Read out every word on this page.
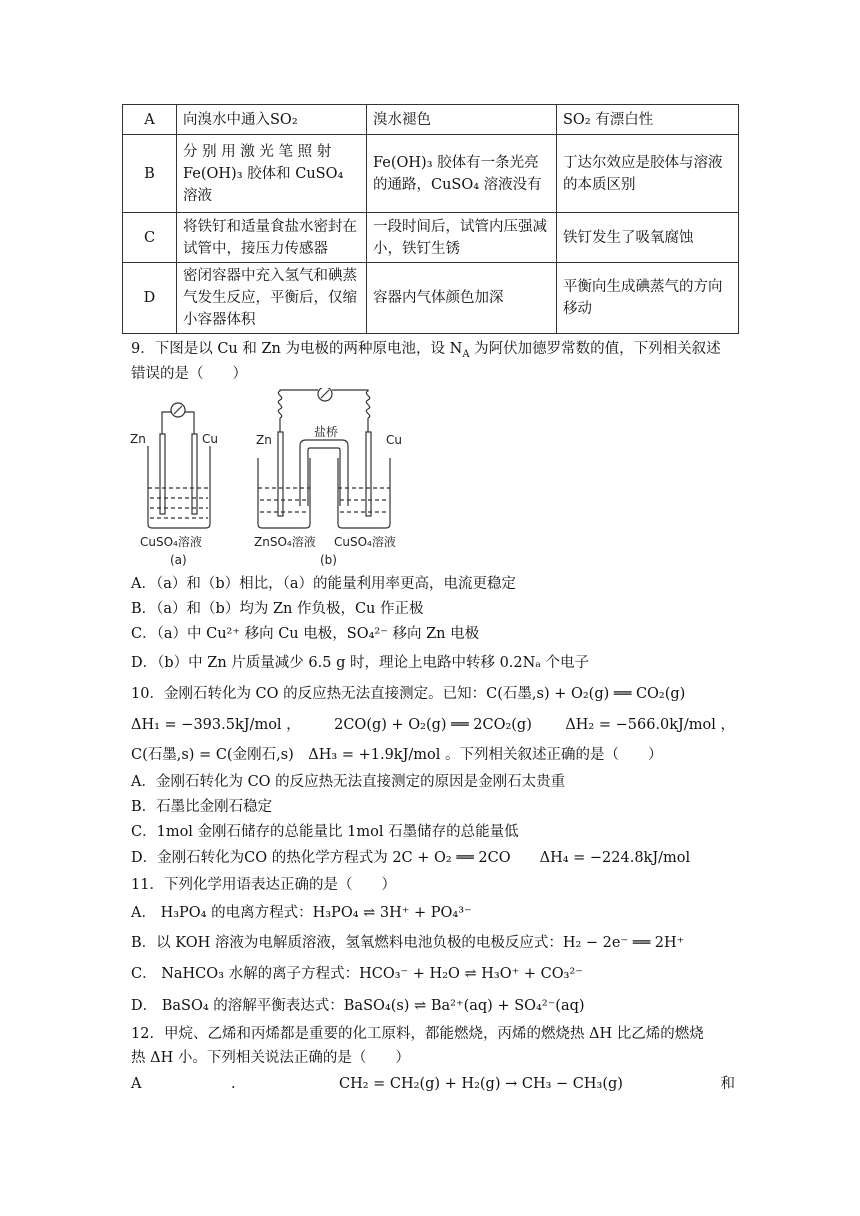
A	向溴水中通入SO₂	溴水褪色	SO₂ 有漂白性
B	分 别 用 激 光 笔 照 射 Fe(OH)₃ 胶体和 CuSO₄ 溶液	Fe(OH)₃ 胶体有一条光亮的通路，CuSO₄ 溶液没有	丁达尔效应是胶体与溶液的本质区别
C	将铁钉和适量食盐水密封在试管中，接压力传感器	一段时间后，试管内压强减小，铁钉生锈	铁钉发生了吸氧腐蚀
D	密闭容器中充入氢气和碘蒸气发生反应，平衡后，仅缩小容器体积	容器内气体颜色加深	平衡向生成碘蒸气的方向移动
9．下图是以 Cu 和 Zn 为电极的两种原电池，设 $N_A$ 为阿伏加德罗常数的值，下列相关叙述
错误的是（　　）
Zn	Cu
CuSO₄溶液
(a)
Zn	Cu
盐桥
ZnSO₄溶液 CuSO₄溶液
(b)
A．（a）和（b）相比，（a）的能量利用率更高，电流更稳定
B．（a）和（b）均为 Zn 作负极，Cu 作正极
C．（a）中 Cu²⁺ 移向 Cu 电极，SO₄²⁻ 移向 Zn 电极
D．（b）中 Zn 片质量减少 6.5 g 时，理论上电路中转移 0.2Nₐ 个电子
10．金刚石转化为 CO 的反应热无法直接测定。已知：C(石墨,s) + O₂(g) ══ CO₂(g)
ΔH₁ = −393.5kJ/mol ， 2CO(g) + O₂(g) ══ 2CO₂(g) ΔH₂ = −566.0kJ/mol ，
C(石墨,s) = C(金刚石,s)　ΔH₃ = +1.9kJ/mol 。下列相关叙述正确的是（　　）
A．金刚石转化为 CO 的反应热无法直接测定的原因是金刚石太贵重
B．石墨比金刚石稳定
C．1mol 金刚石储存的总能量比 1mol 石墨储存的总能量低
D．金刚石转化为CO 的热化学方程式为 2C + O₂ ══ 2CO　　ΔH₄ = −224.8kJ/mol
11．下列化学用语表达正确的是（　　）
A． H₃PO₄ 的电离方程式：H₃PO₄ ⇌ 3H⁺ + PO₄³⁻
B．以 KOH 溶液为电解质溶液，氢氧燃料电池负极的电极反应式：H₂ − 2e⁻ ══ 2H⁺
C． NaHCO₃ 水解的离子方程式：HCO₃⁻ + H₂O ⇌ H₃O⁺ + CO₃²⁻
D． BaSO₄ 的溶解平衡表达式：BaSO₄(s) ⇌ Ba²⁺(aq) + SO₄²⁻(aq)
12．甲烷、乙烯和丙烯都是重要的化工原料，都能燃烧，丙烯的燃烧热 ΔH 比乙烯的燃烧
热 ΔH 小。下列相关说法正确的是（　　）
A	.	CH₂ = CH₂(g) + H₂(g) → CH₃ − CH₃(g)	和
